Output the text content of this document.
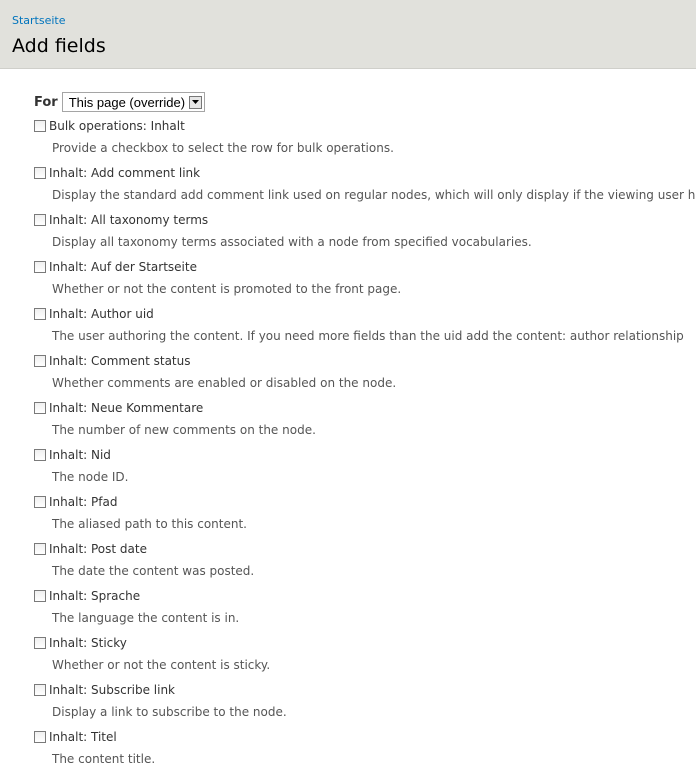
Startseite
Add fields
For This page (override)
Bulk operations: Inhalt
Provide a checkbox to select the row for bulk operations.
Inhalt: Add comment link
Display the standard add comment link used on regular nodes, which will only display if the viewing user h
Inhalt: All taxonomy terms
Display all taxonomy terms associated with a node from specified vocabularies.
Inhalt: Auf der Startseite
Whether or not the content is promoted to the front page.
Inhalt: Author uid
The user authoring the content. If you need more fields than the uid add the content: author relationship
Inhalt: Comment status
Whether comments are enabled or disabled on the node.
Inhalt: Neue Kommentare
The number of new comments on the node.
Inhalt: Nid
The node ID.
Inhalt: Pfad
The aliased path to this content.
Inhalt: Post date
The date the content was posted.
Inhalt: Sprache
The language the content is in.
Inhalt: Sticky
Whether or not the content is sticky.
Inhalt: Subscribe link
Display a link to subscribe to the node.
Inhalt: Titel
The content title.
